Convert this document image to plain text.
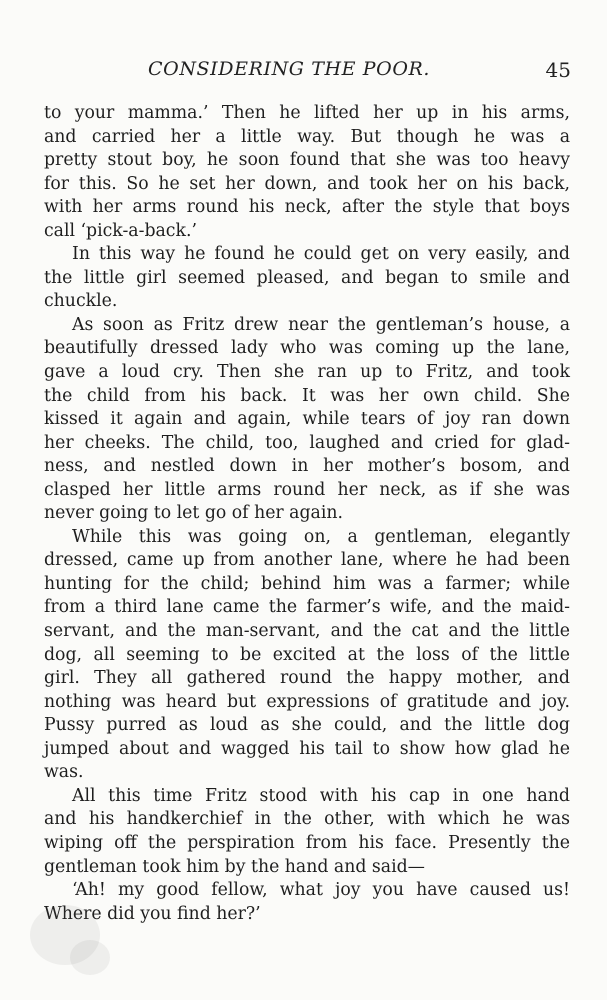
CONSIDERING THE POOR.	45
to your mamma.’ Then he lifted her up in his arms,
and carried her a little way. But though he was a
pretty stout boy, he soon found that she was too heavy
for this. So he set her down, and took her on his back,
with her arms round his neck, after the style that boys
call ‘pick-a-back.’
In this way he found he could get on very easily, and
the little girl seemed pleased, and began to smile and
chuckle.
As soon as Fritz drew near the gentleman’s house, a
beautifully dressed lady who was coming up the lane,
gave a loud cry. Then she ran up to Fritz, and took
the child from his back. It was her own child. She
kissed it again and again, while tears of joy ran down
her cheeks. The child, too, laughed and cried for glad-
ness, and nestled down in her mother’s bosom, and
clasped her little arms round her neck, as if she was
never going to let go of her again.
While this was going on, a gentleman, elegantly
dressed, came up from another lane, where he had been
hunting for the child; behind him was a farmer; while
from a third lane came the farmer’s wife, and the maid-
servant, and the man-servant, and the cat and the little
dog, all seeming to be excited at the loss of the little
girl. They all gathered round the happy mother, and
nothing was heard but expressions of gratitude and joy.
Pussy purred as loud as she could, and the little dog
jumped about and wagged his tail to show how glad he
was.
All this time Fritz stood with his cap in one hand
and his handkerchief in the other, with which he was
wiping off the perspiration from his face. Presently the
gentleman took him by the hand and said—
‘Ah! my good fellow, what joy you have caused us!
Where did you find her?’
